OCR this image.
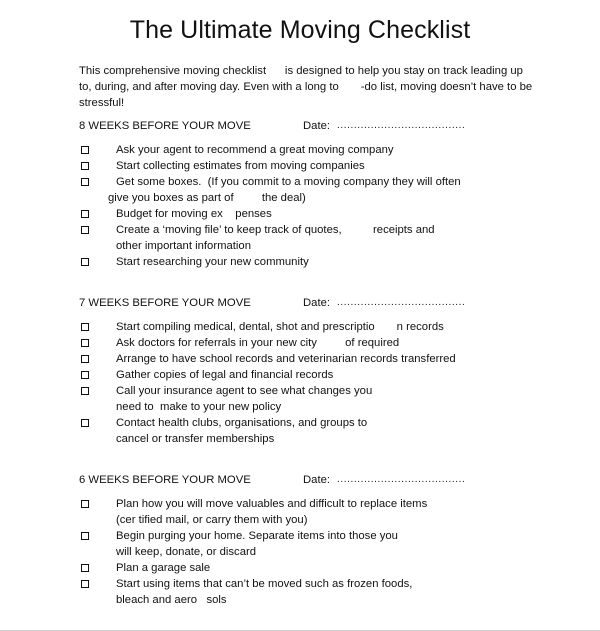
The Ultimate Moving Checklist
This comprehensive moving checklist      is designed to help you stay on track leading up
to, during, and after moving day. Even with a long to       -do list, moving doesn’t have to be
stressful!
8 WEEKS BEFORE YOUR MOVE	Date: ......................................
Ask your agent to recommend a great moving company
Start collecting estimates from moving companies
Get some boxes.  (If you commit to a moving company they will often
give you boxes as part of         the deal)
Budget for moving ex    penses
Create a ‘moving file’ to keep track of quotes,          receipts and
other important information
Start researching your new community
7 WEEKS BEFORE YOUR MOVE	Date: ......................................
Start compiling medical, dental, shot and prescriptio       n records
Ask doctors for referrals in your new city         of required
Arrange to have school records and veterinarian records transferred
Gather copies of legal and financial records
Call your insurance agent to see what changes you
need to  make to your new policy
Contact health clubs, organisations, and groups to
cancel or transfer memberships
6 WEEKS BEFORE YOUR MOVE	Date: ......................................
Plan how you will move valuables and difficult to replace items
(cer tified mail, or carry them with you)
Begin purging your home. Separate items into those you
will keep, donate, or discard
Plan a garage sale
Start using items that can’t be moved such as frozen foods,
bleach and aero   sols
